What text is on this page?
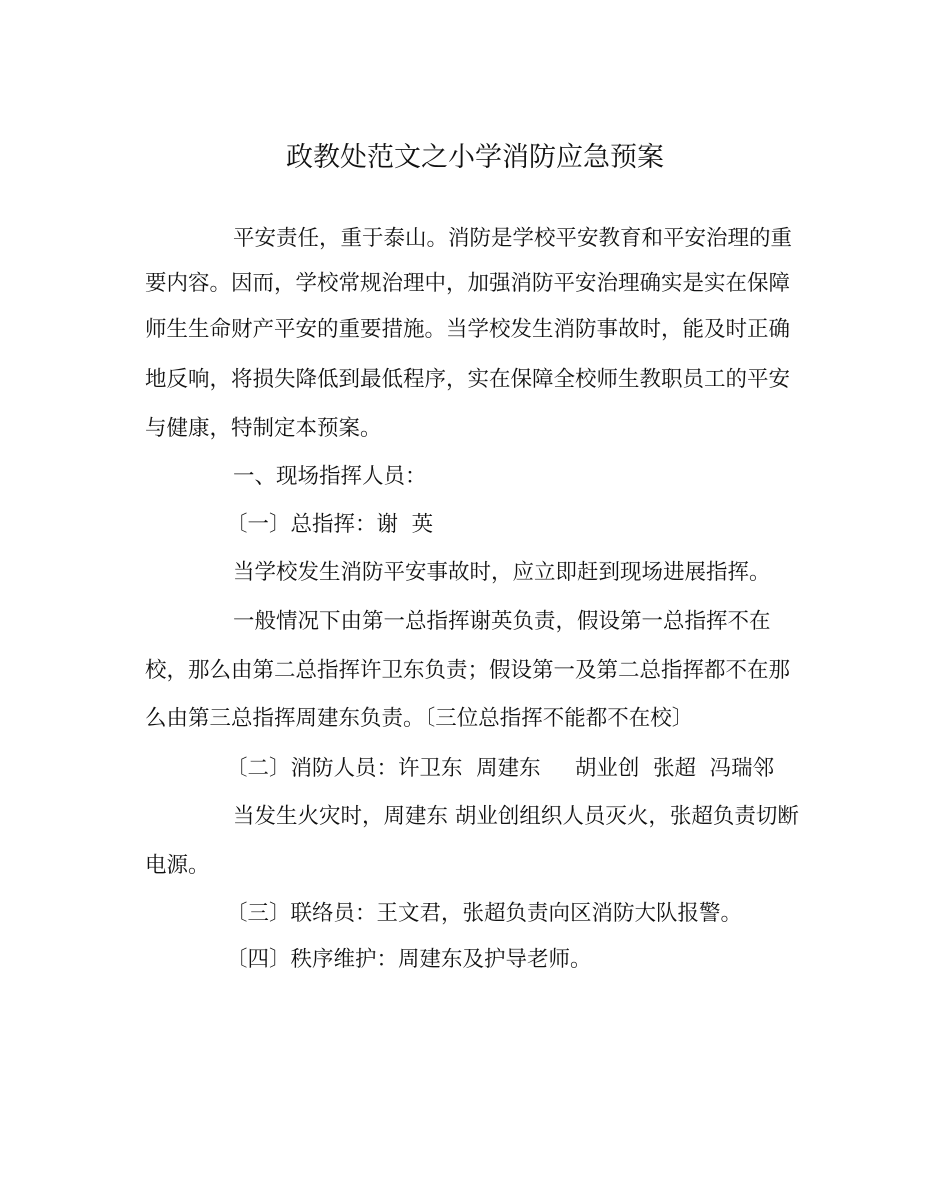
政教处范文之小学消防应急预案
平安责任，重于泰山。消防是学校平安教育和平安治理的重
要内容。因而，学校常规治理中，加强消防平安治理确实是实在保障
师生生命财产平安的重要措施。当学校发生消防事故时，能及时正确
地反响，将损失降低到最低程序，实在保障全校师生教职员工的平安
与健康，特制定本预案。
一、现场指挥人员：
〔一〕总指挥：谢  英
当学校发生消防平安事故时，应立即赶到现场进展指挥。
一般情况下由第一总指挥谢英负责，假设第一总指挥不在
校，那么由第二总指挥许卫东负责；假设第一及第二总指挥都不在那
么由第三总指挥周建东负责。〔三位总指挥不能都不在校〕
〔二〕消防人员：许卫东  周建东     胡业创  张超  冯瑞邻
当发生火灾时，周建东 胡业创组织人员灭火，张超负责切断
电源。
〔三〕联络员：王文君，张超负责向区消防大队报警。
〔四〕秩序维护：周建东及护导老师。
